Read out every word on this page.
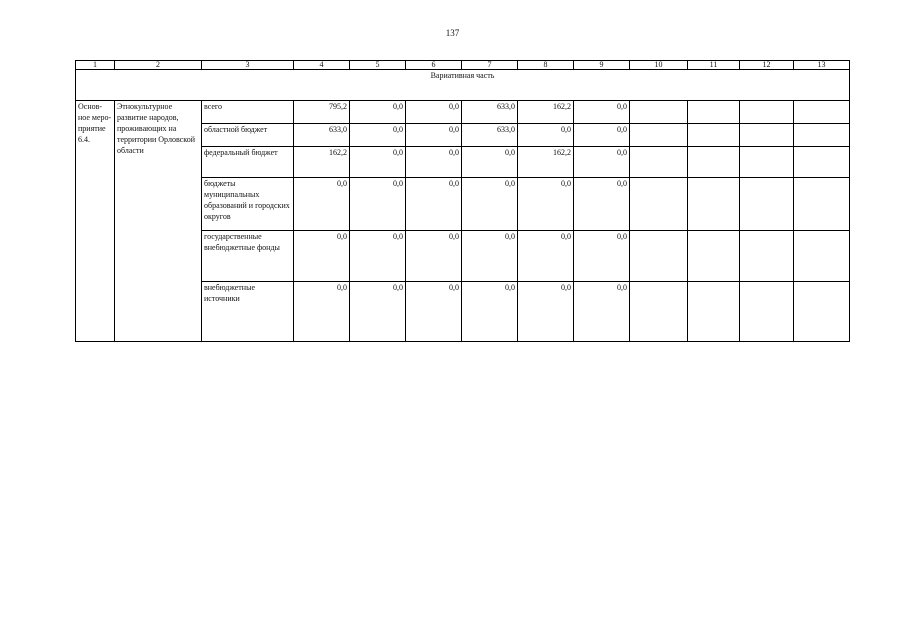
137
1	2	3	4	5	6	7	8	9	10	11	12	13
Вариативная часть												
Основ-ное меро-приятие 6.4.	Этнокультурное развитие народов, проживающих на территории Орловской области	всего	795,2	0,0	0,0	633,0	162,2	0,0				
		областной бюджет	633,0	0,0	0,0	633,0	0,0	0,0				
		федеральный бюджет	162,2	0,0	0,0	0,0	162,2	0,0				
		бюджеты муниципальных образований и городских округов	0,0	0,0	0,0	0,0	0,0	0,0				
		государственные внебюджетные фонды	0,0	0,0	0,0	0,0	0,0	0,0				
		внебюджетные источники	0,0	0,0	0,0	0,0	0,0	0,0				
